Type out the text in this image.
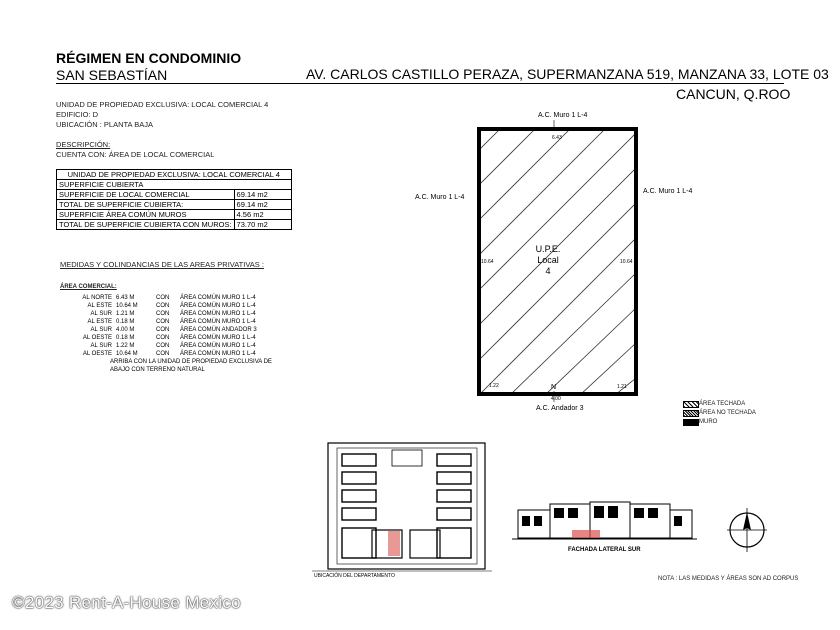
RÉGIMEN EN CONDOMINIO
SAN SEBASTÍAN	AV. CARLOS CASTILLO PERAZA, SUPERMANZANA 519, MANZANA 33, LOTE 03
CANCUN, Q.ROO
UNIDAD DE PROPIEDAD EXCLUSIVA: LOCAL COMERCIAL 4
EDIFICIO: D
UBICACIÓN : PLANTA BAJA
DESCRIPCIÓN:
CUENTA CON: ÁREA DE LOCAL COMERCIAL
UNIDAD DE PROPIEDAD EXCLUSIVA: LOCAL COMERCIAL 4	
SUPERFICIE CUBIERTA	
SUPERFICIE DE LOCAL COMERCIAL	69.14 m2
TOTAL DE SUPERFICIE CUBIERTA:	69.14 m2
SUPERFICIE ÁREA COMÚN MUROS	4.56 m2
TOTAL DE SUPERFICIE CUBIERTA CON MUROS:	73.70 m2
MEDIDAS Y COLINDANCIAS DE LAS AREAS PRIVATIVAS :
ÁREA COMERCIAL:
AL NORTE 6.43 M	CON	ÁREA COMÚN MURO 1 L-4
AL ESTE 10.64 M	CON	ÁREA COMÚN MURO 1 L-4
AL SUR 1.21 M	CON	ÁREA COMÚN MURO 1 L-4
AL ESTE 0.18 M	CON	ÁREA COMÚN MURO 1 L-4
AL SUR 4.00 M	CON	ÁREA COMÚN ANDADOR 3
AL OESTE 0.18 M	CON	ÁREA COMÚN MURO 1 L-4
AL SUR 1.22 M	CON	ÁREA COMÚN MURO 1 L-4
AL OESTE 10.64 M	CON	ÁREA COMÚN MURO 1 L-4
ARRIBA CON LA UNIDAD DE PROPIEDAD EXCLUSIVA DE
ABAJO CON TERRENO NATURAL
A.C. Muro 1 L-4
6.43
A.C. Muro 1 L-4
A.C. Muro 1 L-4
10.64	10.64
U.P.E.
Local
4
1.22	1.21
N
4.00
A.C. Andador 3
ÁREA TECHADA
ÁREA NO TECHADA
MURO
UBICACIÓN DEL DEPARTAMENTO
FACHADA LATERAL SUR
NOTA : LAS MEDIDAS Y ÁREAS SON AD CORPUS
©2023 Rent-A-House Mexico
